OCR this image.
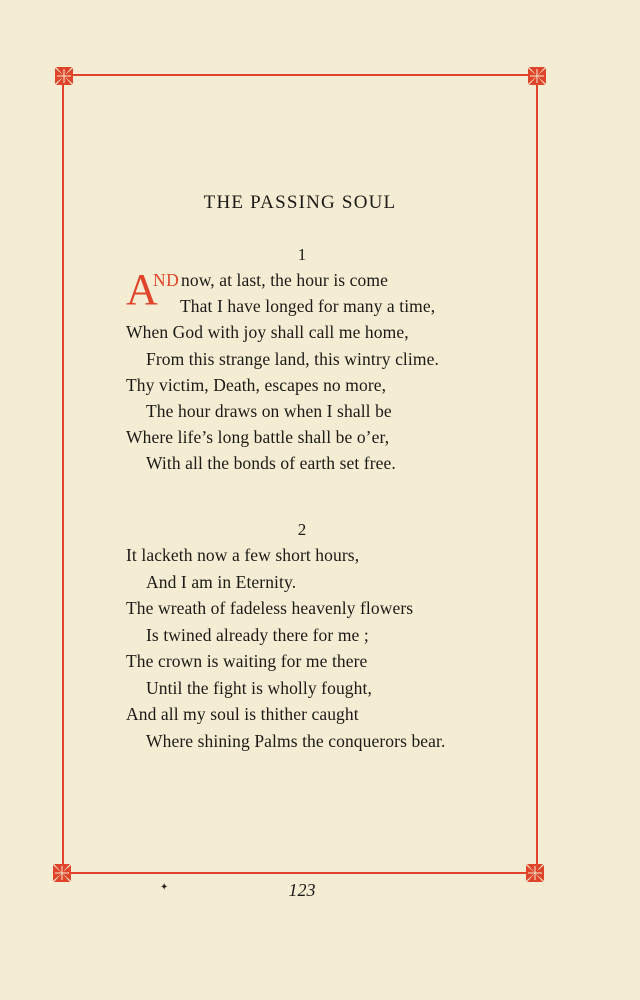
THE PASSING SOUL
1
A
ND now, at last, the hour is come
That I have longed for many a time,
When God with joy shall call me home,
From this strange land, this wintry clime.
Thy victim, Death, escapes no more,
The hour draws on when I shall be
Where life’s long battle shall be o’er,
With all the bonds of earth set free.
2
It lacketh now a few short hours,
And I am in Eternity.
The wreath of fadeless heavenly flowers
Is twined already there for me ;
The crown is waiting for me there
Until the fight is wholly fought,
And all my soul is thither caught
Where shining Palms the conquerors bear.
✦	123
